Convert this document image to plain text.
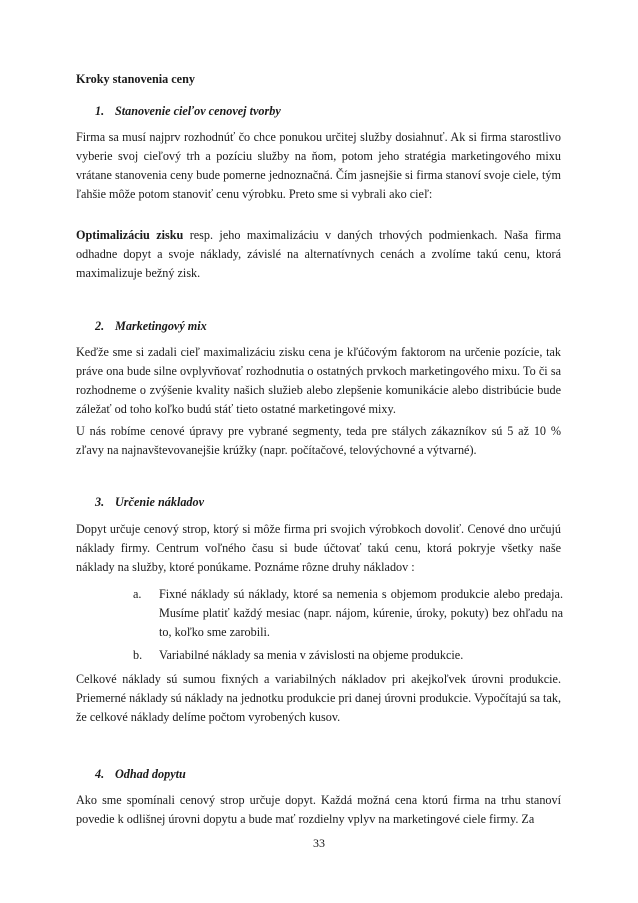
Kroky stanovenia ceny
1. Stanovenie cieľov cenovej tvorby

Firma sa musí najprv rozhodnúť čo chce ponukou určitej služby dosiahnuť. Ak si firma starostlivo vyberie svoj cieľový trh a pozíciu služby na ňom, potom jeho stratégia marketingového mixu vrátane stanovenia ceny bude pomerne jednoznačná. Čím jasnejšie si firma stanoví svoje ciele, tým ľahšie môže potom stanoviť cenu výrobku. Preto sme si vybrali ako cieľ:

Optimalizáciu zisku resp. jeho maximalizáciu v daných trhových podmienkach. Naša firma odhadne dopyt a svoje náklady, závislé na alternatívnych cenách a zvolíme takú cenu, ktorá maximalizuje bežný zisk.

2. Marketingový mix

Keďže sme si zadali cieľ maximalizáciu zisku cena je kľúčovým faktorom na určenie pozície, tak práve ona bude silne ovplyvňovať rozhodnutia o ostatných prvkoch marketingového mixu. To či sa rozhodneme o zvýšenie kvality našich služieb alebo zlepšenie komunikácie alebo distribúcie bude záležať od toho koľko budú stáť tieto ostatné marketingové mixy.

U nás robíme cenové úpravy pre vybrané segmenty, teda pre stálych zákazníkov sú 5 až 10 % zľavy na najnavštevovanejšie krúžky (napr. počítačové, telovýchovné a výtvarné).

3. Určenie nákladov

Dopyt určuje cenový strop, ktorý si môže firma pri svojich výrobkoch dovoliť. Cenové dno určujú náklady firmy. Centrum voľného času si bude účtovať takú cenu, ktorá pokryje všetky naše náklady na služby, ktoré ponúkame. Poznáme rôzne druhy nákladov :

a.	Fixné náklady sú náklady, ktoré sa nemenia s objemom produkcie alebo predaja. Musíme platiť každý mesiac (napr. nájom, kúrenie, úroky, pokuty) bez ohľadu na to, koľko sme zarobili.
b.	Variabilné náklady sa menia v závislosti na objeme produkcie.

Celkové náklady sú sumou fixných a variabilných nákladov pri akejkoľvek úrovni produkcie. Priemerné náklady sú náklady na jednotku produkcie pri danej úrovni produkcie. Vypočítajú sa tak, že celkové náklady delíme počtom vyrobených kusov.

4. Odhad dopytu

Ako sme spomínali cenový strop určuje dopyt. Každá možná cena ktorú firma na trhu stanoví povedie k odlišnej úrovni dopytu a bude mať rozdielny vplyv na marketingové ciele firmy. Za

33
